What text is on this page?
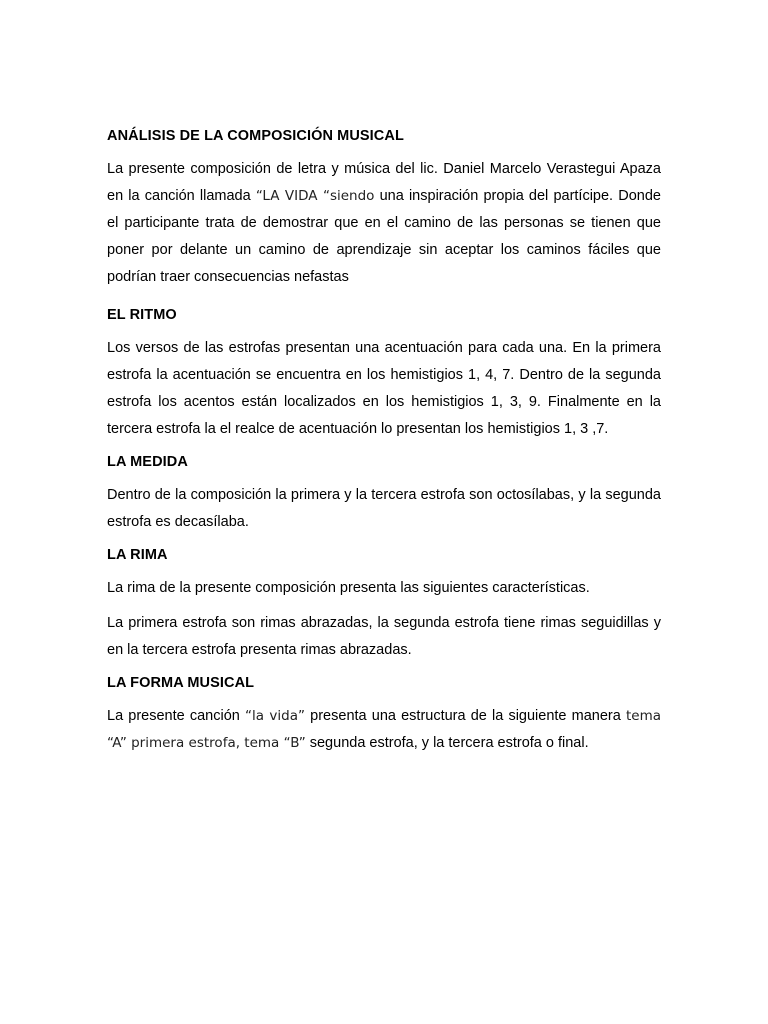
ANÁLISIS DE LA COMPOSICIÓN MUSICAL

La presente composición de letra y música del lic. Daniel Marcelo Verastegui Apaza en la canción llamada “LA VIDA “siendo una inspiración propia del partícipe. Donde el participante trata de demostrar que en el camino de las personas se tienen que poner por delante un camino de aprendizaje sin aceptar los caminos fáciles que podrían traer consecuencias nefastas

EL RITMO

Los versos de las estrofas presentan una acentuación para cada una. En la primera estrofa la acentuación se encuentra en los hemistigios 1, 4, 7. Dentro de la segunda estrofa los acentos están localizados en los hemistigios 1, 3, 9. Finalmente en la tercera estrofa la el realce de acentuación lo presentan los hemistigios 1, 3 ,7.

LA MEDIDA

Dentro de la composición la primera y la tercera estrofa son octosílabas, y la segunda estrofa es decasílaba.

LA RIMA

La rima de la presente composición presenta las siguientes características.

La primera estrofa son rimas abrazadas, la segunda estrofa tiene rimas seguidillas y en la tercera estrofa presenta rimas abrazadas.

LA FORMA MUSICAL

La presente canción “la vida” presenta una estructura de la siguiente manera tema “A” primera estrofa, tema “B” segunda estrofa, y la tercera estrofa o final.
